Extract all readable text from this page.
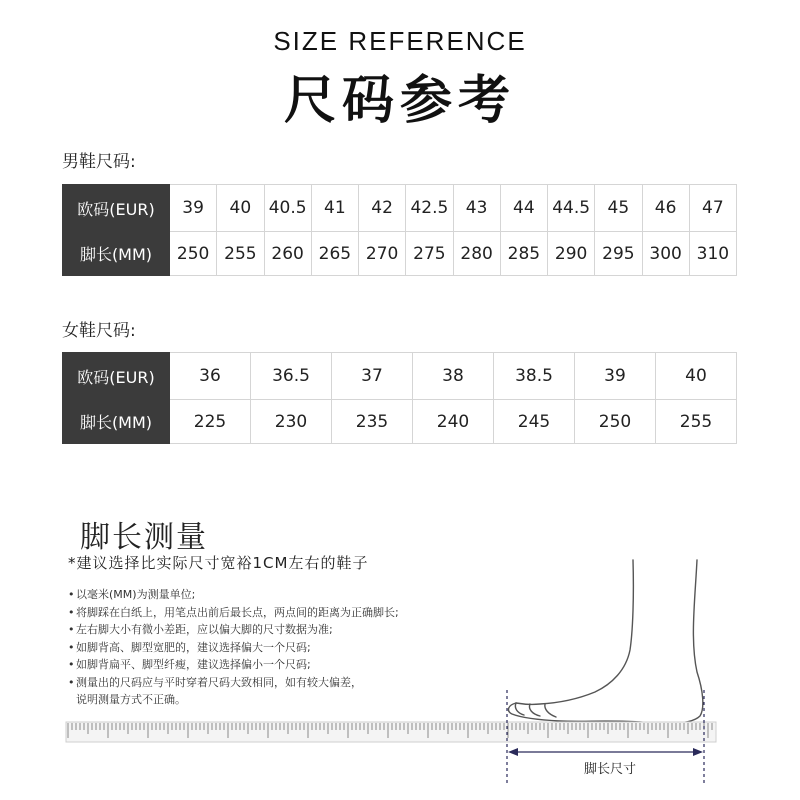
SIZE REFERENCE
尺码参考
男鞋尺码:
欧码(EUR)	39	40	40.5	41	42	42.5	43	44	44.5	45	46	47
脚长(MM)	250	255	260	265	270	275	280	285	290	295	300	310
女鞋尺码:
欧码(EUR)	36	36.5	37	38	38.5	39	40
脚长(MM)	225	230	235	240	245	250	255
脚长测量
*建议选择比实际尺寸宽裕1CM左右的鞋子
• 以毫米(MM)为测量单位;
• 将脚踩在白纸上，用笔点出前后最长点，两点间的距离为正确脚长;
• 左右脚大小有微小差距，应以偏大脚的尺寸数据为准;
• 如脚背高、脚型宽肥的，建议选择偏大一个尺码;
• 如脚背扁平、脚型纤瘦，建议选择偏小一个尺码;
• 测量出的尺码应与平时穿着尺码大致相同，如有较大偏差，
说明测量方式不正确。
脚长尺寸
